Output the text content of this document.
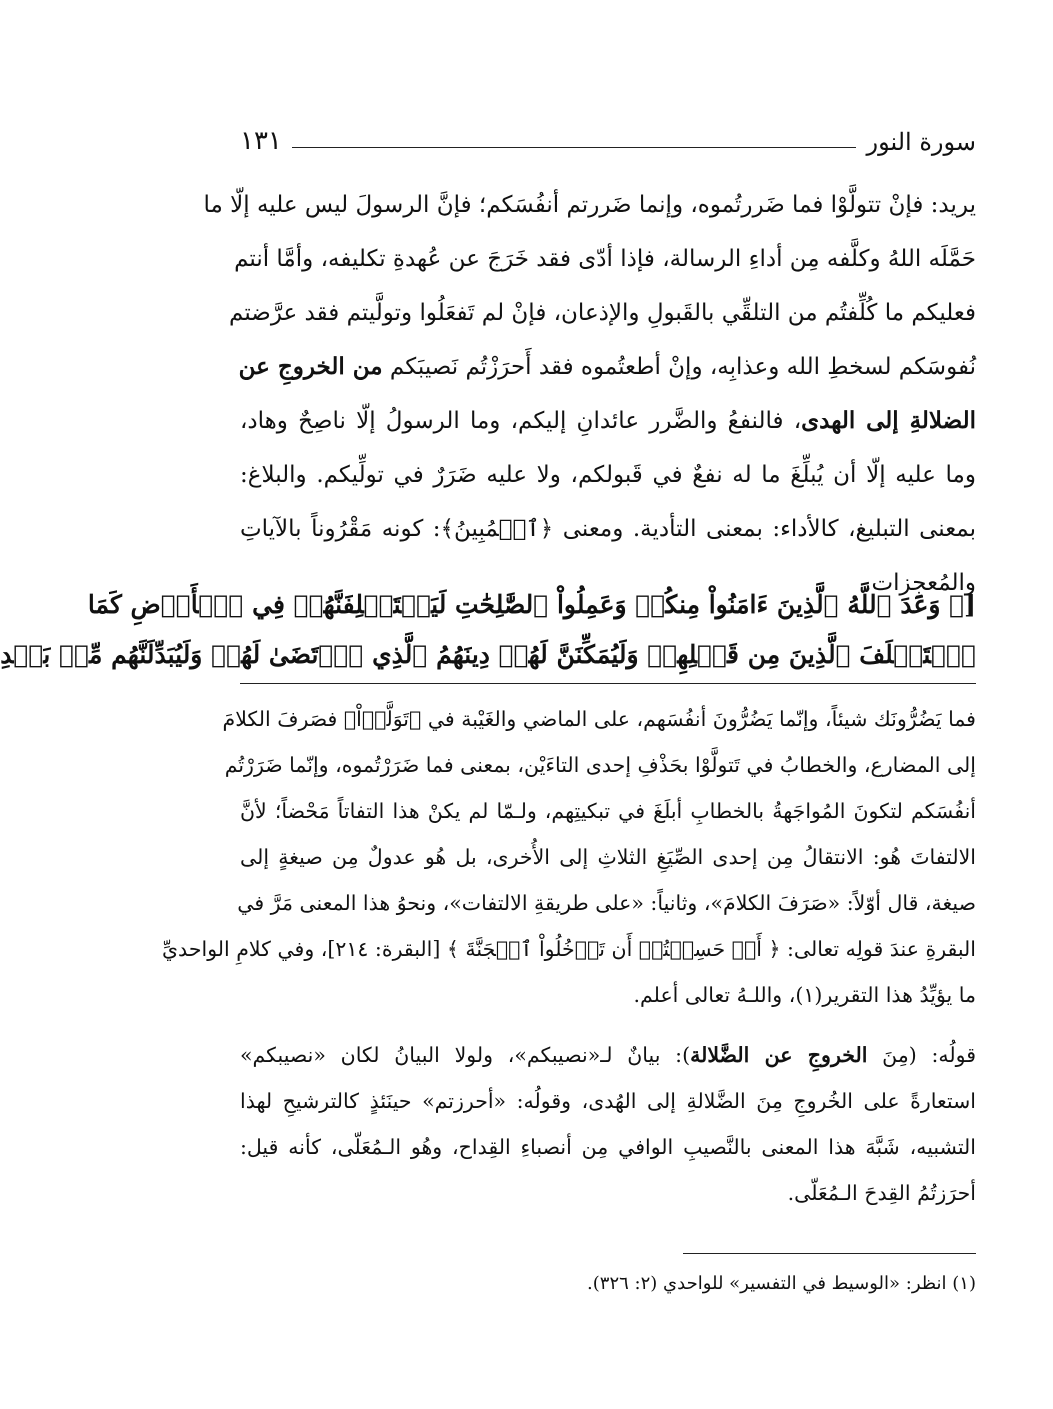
سورة النور
١٣١
يريد: فإنْ تتولَّوْا فما ضَررتُموه، وإنما ضَررتم أنفُسَكم؛ فإنَّ الرسولَ ليس عليه إلّا ما
حَمَّلَه اللهُ وكلَّفه مِن أداءِ الرسالة، فإذا أدّى فقد خَرَجَ عن عُهدةِ تكليفه، وأمَّا أنتم
فعليكم ما كُلِّفتُم من التلقِّي بالقَبولِ والإذعان، فإنْ لم تَفعَلُوا وتولَّيتم فقد عرَّضتم
نُفوسَكم لسخطِ الله وعذابِه، وإنْ أطعتُموه فقد أَحرَزْتُم نَصيبَكم من الخروجِ عن
الضلالةِ إلى الهدى، فالنفعُ والضَّرر عائدانِ إليكم، وما الرسولُ إلّا ناصِحٌ وهاد،
وما عليه إلّا أن يُبلِّغَ ما له نفعٌ في قَبولكم، ولا عليه ضَرَرٌ في تولِّيكم. والبلاغ:
بمعنى التبليغ، كالأداء: بمعنى التأدية. ومعنى ﴿ٱلۡمُبِينُ﴾: كونه مَقْرُوناً بالآياتِ
والمُعجِزات.
[﴿ وَعَدَ ٱللَّهُ ٱلَّذِينَ ءَامَنُواْ مِنكُمۡ وَعَمِلُواْ ٱلصَّٰلِحَٰتِ لَيَسۡتَخۡلِفَنَّهُمۡ فِي ٱلۡأَرۡضِ كَمَا
ٱسۡتَخۡلَفَ ٱلَّذِينَ مِن قَبۡلِهِمۡ وَلَيُمَكِّنَنَّ لَهُمۡ دِينَهُمُ ٱلَّذِي ٱرۡتَضَىٰ لَهُمۡ وَلَيُبَدِّلَنَّهُم مِّنۢ بَعۡدِ
فما يَضُرُّونَك شيئاً، وإنّما يَضُرُّونَ أنفُسَهم، على الماضي والغَيْبة في ﴿تَوَلَّوۡاْ﴾ فصَرفَ الكلامَ
إلى المضارع، والخطابُ في تَتولَّوْا بحَذْفِ إحدى التاءَيْن، بمعنى فما ضَرَرْتُموه، وإنّما ضَرَرْتُم
أنفُسَكم لتكونَ المُواجَهةُ بالخطابِ أبلَغَ في تبكيتِهم، ولـمّا لم يكنْ هذا التفاتاً مَحْضاً؛ لأنَّ
الالتفاتَ هُو: الانتقالُ مِن إحدى الصِّيَغِ الثلاثِ إلى الأُخرى، بل هُو عدولٌ مِن صيغةٍ إلى
صيغة، قال أوّلاً: «صَرَفَ الكلامَ»، وثانياً: «على طريقةِ الالتفات»، ونحوُ هذا المعنى مَرَّ في
البقرةِ عندَ قولِه تعالى: ﴿ أَمۡ حَسِبۡتُمۡ أَن تَدۡخُلُواْ ٱلۡجَنَّةَ ﴾ [البقرة: ٢١٤]، وفي كلامِ الواحديِّ
ما يؤيِّدُ هذا التقرير(١)، واللـهُ تعالى أعلم.
قولُه: (مِنَ الخروجِ عن الضَّلالة): بيانٌ لـ«نصيبكم»، ولولا البيانُ لكان «نصيبكم»
استعارةً على الخُروجِ مِنَ الضَّلالةِ إلى الهُدى، وقولُه: «أحرزتم» حينَئذٍ كالترشيحِ لهذا
التشبيه، شَبَّهَ هذا المعنى بالنَّصيبِ الوافي مِن أنصباءِ القِداح، وهُو الـمُعَلّى، كأنه قيل:
أحرَزتُمُ القِدحَ الـمُعَلّى.
(١) انظر: «الوسيط في التفسير» للواحدي (٢: ٣٢٦).
